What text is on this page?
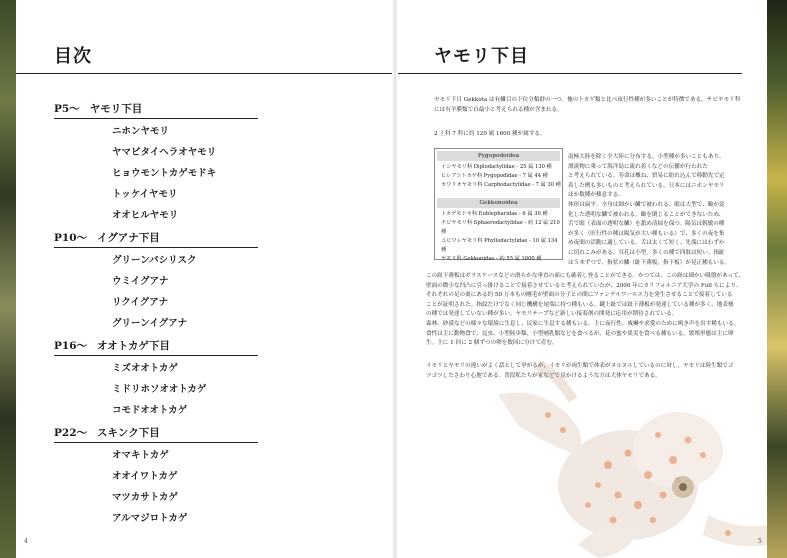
目次
P5～ ヤモリ下目
ニホンヤモリ
ヤマビタイヘラオヤモリ
ヒョウモントカゲモドキ
トッケイヤモリ
オオヒルヤモリ
P10～ イグアナ下目
グリーンバシリスク
ウミイグアナ
リクイグアナ
グリーンイグアナ
P16～ オオトカゲ下目
ミズオオトカゲ
ミドリホソオオトカゲ
コモドオオトカゲ
P22～ スキンク下目
オマキトカゲ
オオイワトカゲ
マツカサトカゲ
アルマジロトカゲ
4
ヤモリ下目
ヤモリ下目 Gekkota は有鱗目の下位分類群の一つ。俺のトカゲ類と比べ夜行性種が多いことが特徴である。チビヤモリ科
には有羊膜類で自最小と考えられる種が含まれる。
2 上科 7 科に約 120 属 1600 種が属する。
Pygopodoidea
イシヤモリ科 Diplodactylidae - 25 属 130 種
ヒレアシトカゲ科 Pygopodidae - 7 属 44 種
カワリオヤモリ科 Carphodactylidae - 7 属 30 種
Gekkonoidea
トカゲモドキ科 Eublepharidae - 6 属 30 種
チビヤモリ科 Sphaerodactylidae - 約 12 属 210 種
ユビワレヤモリ科 Phyllodactylidae - 10 属 134 種
ヤモリ科 Gekkonidae - 約 55 属 1000 種
南極大陸を除く全大陸に分布する。小型種が多いこともあり、
漂流物に乗って海洋島に流れ着くなどの伝播が行われた
と考えられている。寿命は概ね、貿易に紛れ込んで移動先で定
着した例も多いものと考えられている。日本にはニホンヤモリ
ほか数種が棲息する。
体形は扁平。全身は細かい鱗で被われる。眼は大型で、瞼が変
化した透明な鱗で被われる。瞼を閉じることができないため、
舌で眼（表面の透明な鱗）を舐め清掃を保つ。陽気は鋭敏の種
が多く（旺行性の種は陽気が大い種もいる）で、多くの夜を集
め夜間の活動に適している。舌は太くて短く、先端にはわずか
に切れこみがある。耳孔は小型。多くの種で四肢は短い。指趾
は５本ずつで、指状の鱗（趾下薄板，指下板）が見正種もいる。
この趾下薄板はガラスケースなどの滑らかな垂直の面にも確着し登ることができる。かつては、この趾は細かい吸盤があって、
壁面の微小な凹凸に引っ掛けることで接着させていると考えられていたが、2000 年にカリフォルニア大学の Full らにより、
それぞれの足の裏にある約 50 万本もの剛毛が壁面の分子との間にファンデルワールス力を発生させることで接着している
ことが証明された。指紋だけでなく同じ機構を尾端に持つ種もいる。鍵上趾では趾下薄板が発達している種が多く、地表棲
の種では発達していない種が多い。ヤモリテープなど新しい接着剤の開発に応用が期待されている。
森林、砂漠などの様々な環境に生息し、民家に生息する種もいる。主に夜行性。威嚇や求愛のために鳴き声を出す種もいる。
食性は主に動物食で、昆虫、小型陸歩類、小型哺乳類などを食べるが、花の蜜や果実を食べる種もいる。繁殖形態は主に卵
生。主に 1 回に 2 個ずつの卵を数回に分けて産む。
イモリとヤモリの違いがよく話として挙がるが，イモリが両生類で体表がヌルヌルしているのに対し，ヤモリは陸生類でゴ
ツゴツしたさわり心地である。普段私たちが家などで見かけるような方は大体ヤモリである。
5
